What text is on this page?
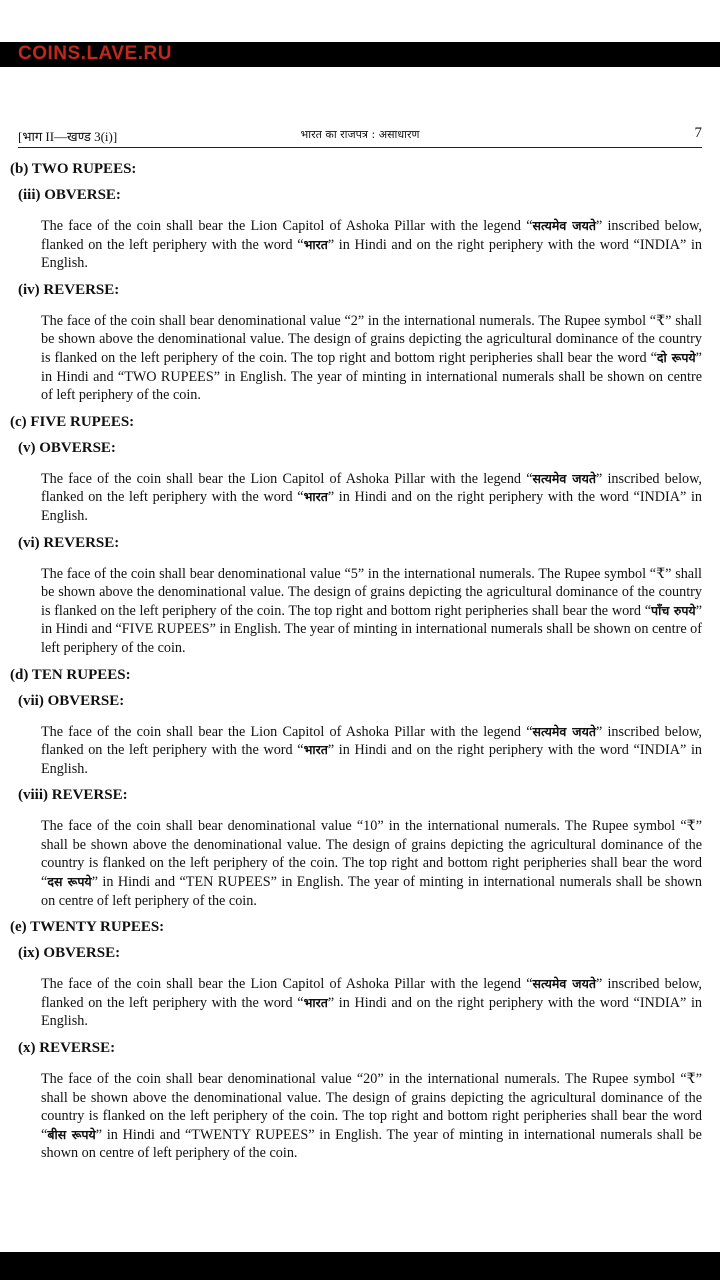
COINS.LAVE.RU
[भाग II—खण्ड 3(i)]	भारत का राजपत्र : असाधारण	7
(b) TWO RUPEES:
(iii) OBVERSE:
The face of the coin shall bear the Lion Capitol of Ashoka Pillar with the legend “सत्यमेव जयते” inscribed below, flanked on the left periphery with the word “भारत” in Hindi and on the right periphery with the word “INDIA” in English.
(iv) REVERSE:
The face of the coin shall bear denominational value “2” in the international numerals. The Rupee symbol “₹” shall be shown above the denominational value. The design of grains depicting the agricultural dominance of the country is flanked on the left periphery of the coin. The top right and bottom right peripheries shall bear the word “दो रूपये” in Hindi and “TWO RUPEES” in English. The year of minting in international numerals shall be shown on centre of left periphery of the coin.
(c) FIVE RUPEES:
(v) OBVERSE:
The face of the coin shall bear the Lion Capitol of Ashoka Pillar with the legend “सत्यमेव जयते” inscribed below, flanked on the left periphery with the word “भारत” in Hindi and on the right periphery with the word “INDIA” in English.
(vi) REVERSE:
The face of the coin shall bear denominational value “5” in the international numerals. The Rupee symbol “₹” shall be shown above the denominational value. The design of grains depicting the agricultural dominance of the country is flanked on the left periphery of the coin. The top right and bottom right peripheries shall bear the word “पाँच रुपये” in Hindi and “FIVE RUPEES” in English. The year of minting in international numerals shall be shown on centre of left periphery of the coin.
(d) TEN RUPEES:
(vii) OBVERSE:
The face of the coin shall bear the Lion Capitol of Ashoka Pillar with the legend “सत्यमेव जयते” inscribed below, flanked on the left periphery with the word “भारत” in Hindi and on the right periphery with the word “INDIA” in English.
(viii) REVERSE:
The face of the coin shall bear denominational value “10” in the international numerals. The Rupee symbol “₹” shall be shown above the denominational value. The design of grains depicting the agricultural dominance of the country is flanked on the left periphery of the coin. The top right and bottom right peripheries shall bear the word “दस रूपये” in Hindi and “TEN RUPEES” in English. The year of minting in international numerals shall be shown on centre of left periphery of the coin.
(e) TWENTY RUPEES:
(ix) OBVERSE:
The face of the coin shall bear the Lion Capitol of Ashoka Pillar with the legend “सत्यमेव जयते” inscribed below, flanked on the left periphery with the word “भारत” in Hindi and on the right periphery with the word “INDIA” in English.
(x) REVERSE:
The face of the coin shall bear denominational value “20” in the international numerals. The Rupee symbol “₹” shall be shown above the denominational value. The design of grains depicting the agricultural dominance of the country is flanked on the left periphery of the coin. The top right and bottom right peripheries shall bear the word “बीस रूपये” in Hindi and “TWENTY RUPEES” in English. The year of minting in international numerals shall be shown on centre of left periphery of the coin.
